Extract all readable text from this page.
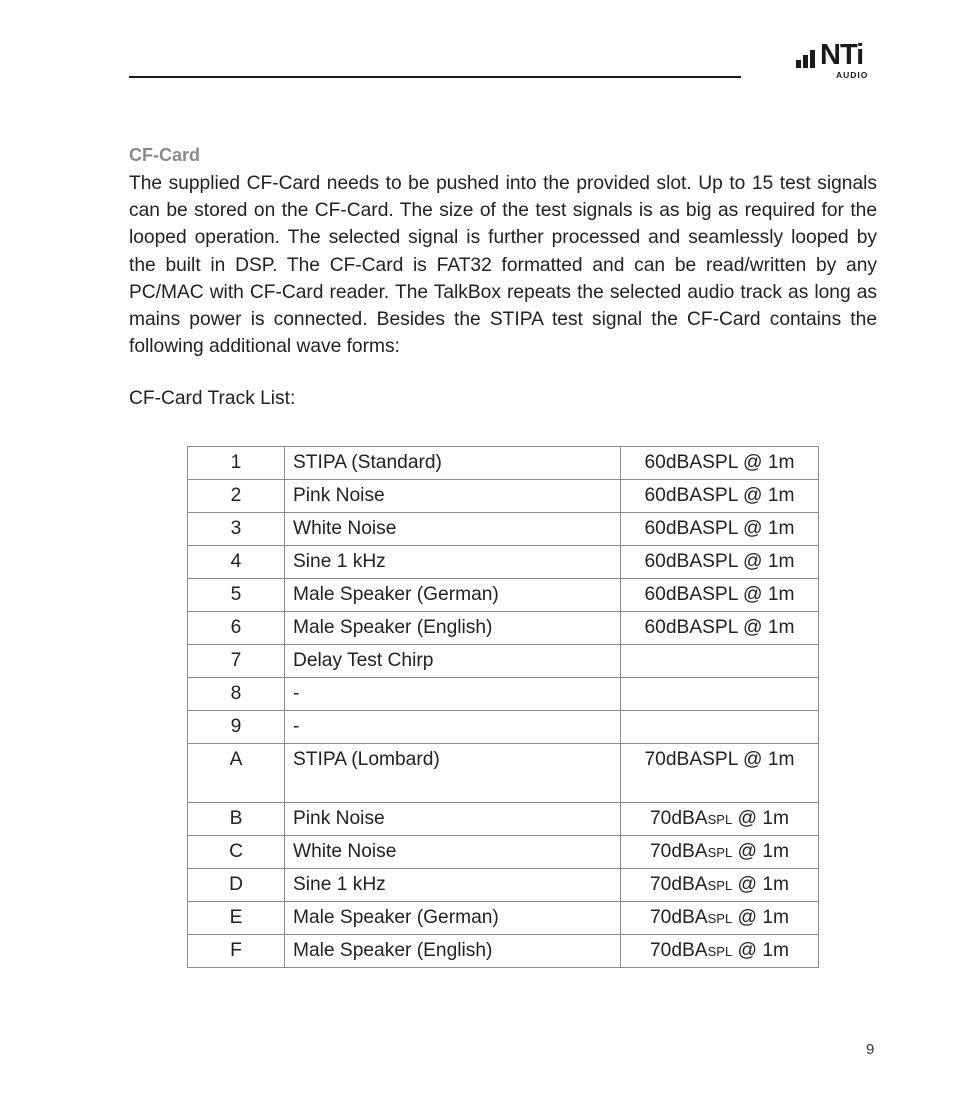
NTi
AUDIO
CF-Card

The supplied CF-Card needs to be pushed into the provided slot. Up to 15 test signals can be stored on the CF-Card. The size of the test signals is as big as required for the looped operation. The selected signal is further processed and seamlessly looped by the built in DSP. The CF-Card is FAT32 formatted and can be read/written by any PC/MAC with CF-Card reader. The TalkBox repeats the selected audio track as long as mains power is connected. Besides the STIPA test signal the CF-Card contains the following additional wave forms:

CF-Card Track List:

1	STIPA (Standard)	60dBASPL @ 1m
2	Pink Noise	60dBASPL @ 1m
3	White Noise	60dBASPL @ 1m
4	Sine 1 kHz	60dBASPL @ 1m
5	Male Speaker (German)	60dBASPL @ 1m
6	Male Speaker (English)	60dBASPL @ 1m
7	Delay Test Chirp	
8	-	
9	-	
A	STIPA (Lombard)	70dBASPL @ 1m
B	Pink Noise	70dBASPL @ 1m
C	White Noise	70dBASPL @ 1m
D	Sine 1 kHz	70dBASPL @ 1m
E	Male Speaker (German)	70dBASPL @ 1m
F	Male Speaker (English)	70dBASPL @ 1m
9
